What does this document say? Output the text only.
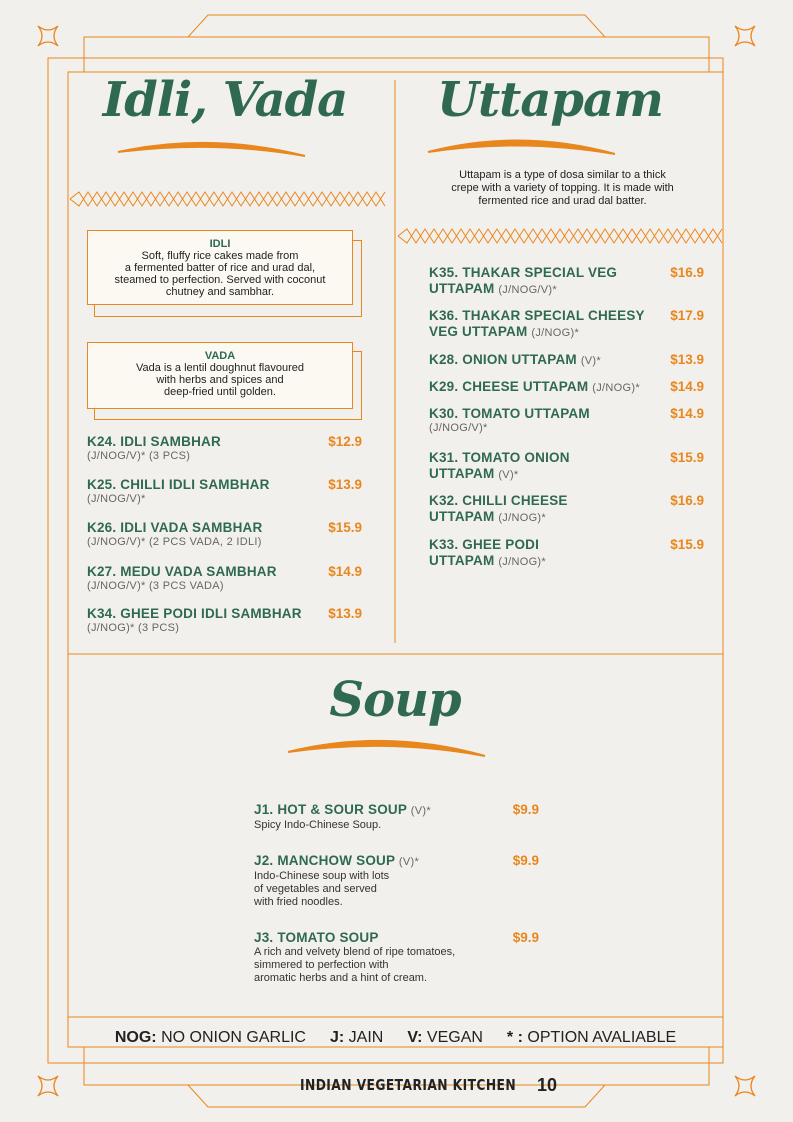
Idli, Vada Uttapam
Soup
Uttapam is a type of dosa similar to a thick
crepe with a variety of topping. It is made with
fermented rice and urad dal batter.
IDLI
Soft, fluffy rice cakes made from
a fermented batter of rice and urad dal,
steamed to perfection. Served with coconut
chutney and sambhar.
VADA
Vada is a lentil doughnut flavoured
with herbs and spices and
deep-fried until golden.
K24. IDLI SAMBHAR
(J/NOG/V)* (3 PCS)
$12.9
K25. CHILLI IDLI SAMBHAR
(J/NOG/V)*
$13.9
K26. IDLI VADA SAMBHAR
(J/NOG/V)* (2 PCS VADA, 2 IDLI)
$15.9
K27. MEDU VADA SAMBHAR
(J/NOG/V)* (3 PCS VADA)
$14.9
K34. GHEE PODI IDLI SAMBHAR
(J/NOG)* (3 PCS)
$13.9
K35. THAKAR SPECIAL VEG
UTTAPAM (J/NOG/V)*
$16.9
K36. THAKAR SPECIAL CHEESY
VEG UTTAPAM (J/NOG)*
$17.9
K28. ONION UTTAPAM (V)*	$13.9
K29. CHEESE UTTAPAM (J/NOG)*	$14.9
K30. TOMATO UTTAPAM
(J/NOG/V)*
$14.9
K31. TOMATO ONION
UTTAPAM (V)*
$15.9
K32. CHILLI CHEESE
UTTAPAM (J/NOG)*
$16.9
K33. GHEE PODI
UTTAPAM (J/NOG)*
$15.9
J1. HOT & SOUR SOUP (V)*
Spicy Indo-Chinese Soup.
$9.9
J2. MANCHOW SOUP (V)*
Indo-Chinese soup with lots
of vegetables and served
with fried noodles.
$9.9
J3. TOMATO SOUP
A rich and velvety blend of ripe tomatoes,
simmered to perfection with
aromatic herbs and a hint of cream.
$9.9
NOG: NO ONION GARLIC J: JAIN V: VEGAN * : OPTION AVALIABLE
INDIAN VEGETARIAN KITCHEN 10
